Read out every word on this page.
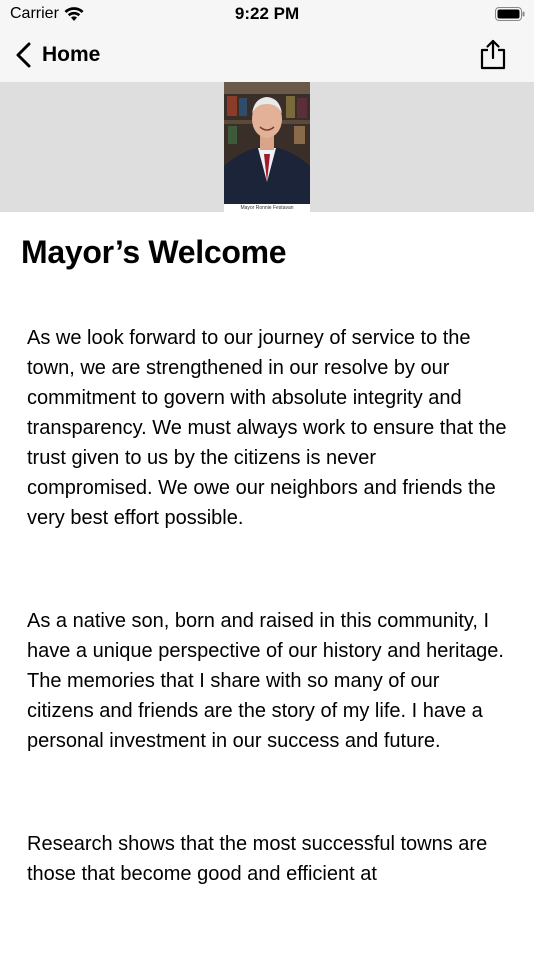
Carrier	9:22 PM
Home
Mayor Ronnie Festavan
Mayor’s Welcome

As we look forward to our journey of service to the town, we are strengthened in our resolve by our commitment to govern with absolute integrity and transparency. We must always work to ensure that the trust given to us by the citizens is never compromised. We owe our neighbors and friends the very best effort possible.

As a native son, born and raised in this community, I have a unique perspective of our history and heritage. The memories that I share with so many of our citizens and friends are the story of my life. I have a personal investment in our success and future.

Research shows that the most successful towns are those that become good and efficient at
